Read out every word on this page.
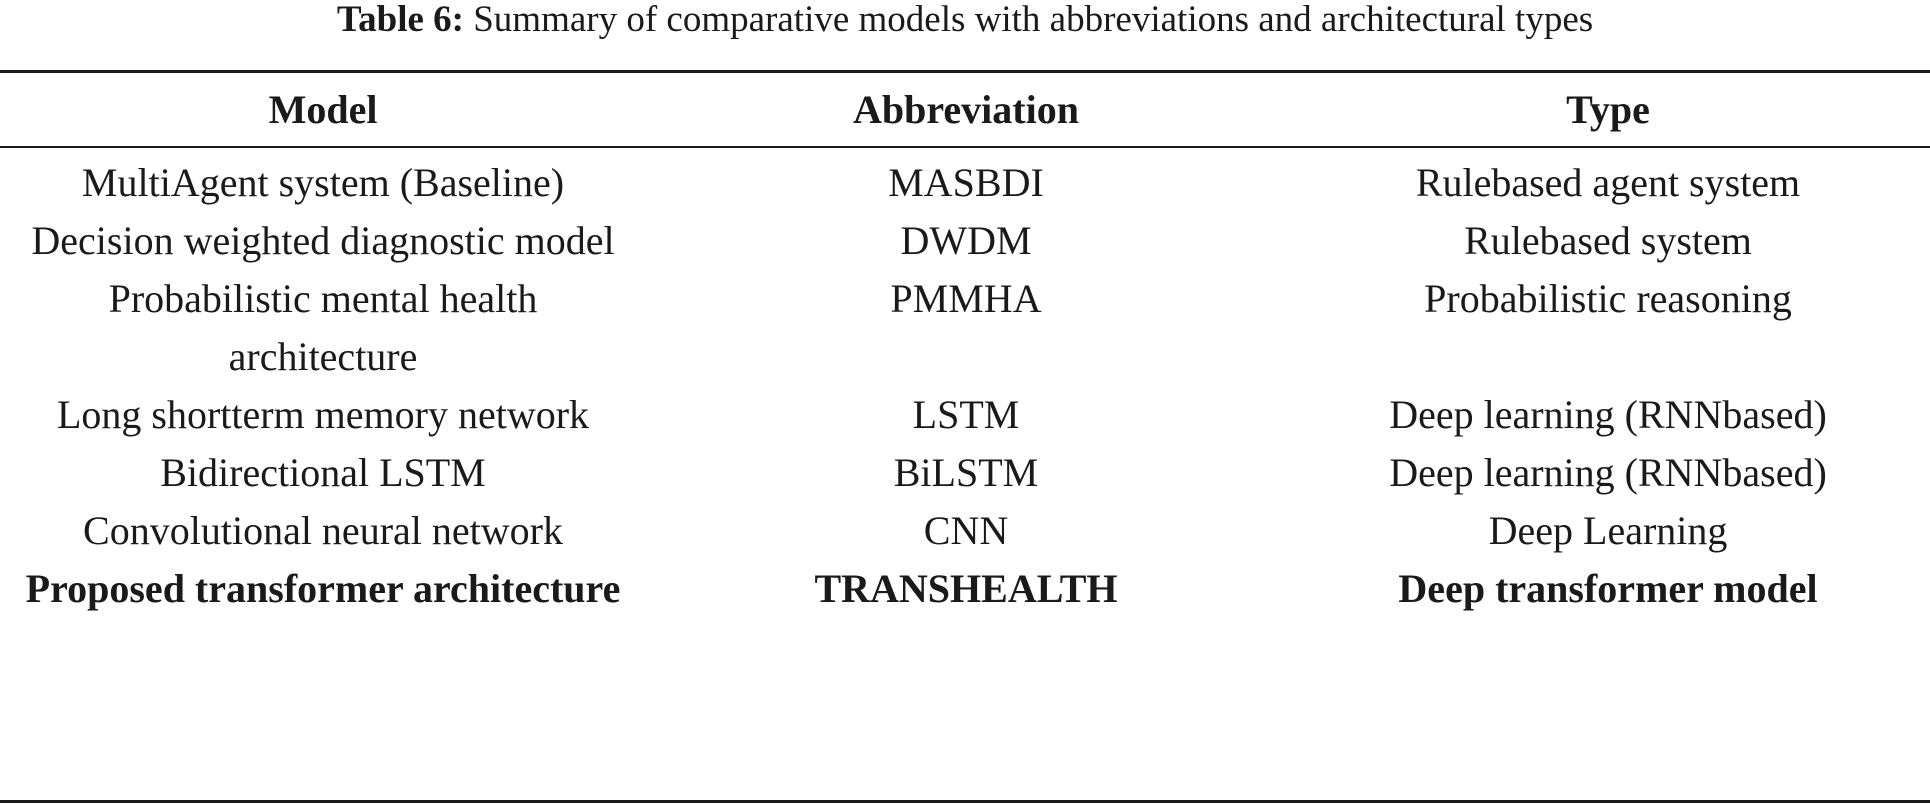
Table 6: Summary of comparative models with abbreviations and architectural types
Model	Abbreviation	Type

MultiAgent system (Baseline)	MASBDI	Rulebased agent system

Decision weighted diagnostic model	DWDM	Rulebased system

Probabilistic mental health architecture	PMMHA	Probabilistic reasoning

Long shortterm memory network	LSTM	Deep learning (RNNbased)

Bidirectional LSTM	BiLSTM	Deep learning (RNNbased)

Convolutional neural network	CNN	Deep Learning

Proposed transformer architecture	TRANSHEALTH	Deep transformer model
